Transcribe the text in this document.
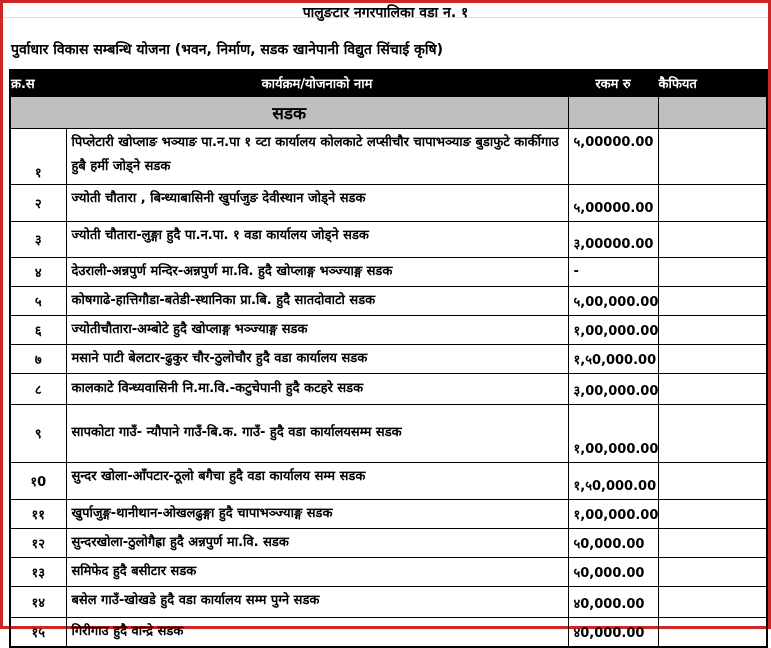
पालुङटार नगरपालिका वडा न. १
पुर्वाधार विकास सम्बन्धि योजना (भवन, निर्माण, सडक खानेपानी विद्युत सिंचाई कृषि)
क्र.स	कार्यक्रम/योजनाको नाम	रकम रु	कैफियत
सडक			
१	पिप्लेटारी खोप्लाङ भञ्याङ पा.न.पा १ व्टा कार्यालय कोलकाटे लप्सीचौर चापाभञ्याङ बुडाफुटे कार्कीगाउ हुबै हर्मी जोड्ने सडक	५,00000.00	
२	ज्योती चौतारा , बिन्ध्याबासिनी खुर्पाजुङ देवीस्थान जोड्ने सडक	५,00000.00	
३	ज्योती चौतारा-लुङ्गा हुदै पा.न.पा. १ वडा कार्यालय जोड्ने सडक	३,00000.00	
४	देउराली-अन्नपुर्ण मन्दिर-अन्नपुर्ण मा.वि. हुदै खोप्लाङ्ग भञ्ज्याङ्ग सडक	-	
५	कोषगाढे-हात्तिगौडा-बतेडी-स्थानिका प्रा.बि. हुदै सातदोवाटो सडक	५,00,000.00	
६	ज्योतीचौतारा-अम्बोटे हुदै खोप्लाङ्ग भञ्ज्याङ्ग सडक	१,00,000.00	
७	मसाने पाटी बेलटार-ढुकुर चौर-ठुलोचौर हुदै वडा कार्यालय सडक	१,५0,000.00	
८	कालकाटे विन्ध्यवासिनी नि.मा.वि.-कटुचेपानी हुदै कटहरे सडक	३,00,000.00	
९	सापकोटा गाउँ- न्यौपाने गाउँ-बि.क. गाउँ- हुदै वडा कार्यालयसम्म सडक	१,00,000.00	
१0	सुन्दर खोला-आँपटार-ठूलो बगैचा हुदै वडा कार्यालय सम्म सडक	१,५0,000.00	
११	खुर्पाजुङ्ग-थानीथान-ओखलढुङ्गा हुदै चापाभञ्ज्याङ्ग सडक	१,00,000.00	
१२	सुन्दरखोला-ठुलोगैह्रा हुदै अन्नपुर्ण मा.वि. सडक	५0,000.00	
१३	समिफेद हुदै बसीटार सडक	५0,000.00	
१४	बसेल गाउँ-खोखडे हुदै वडा कार्यालय सम्म पुग्ने सडक	४0,000.00	
१५	गिरीगाउ हुदै वान्द्रे सडक	४0,000.00	
